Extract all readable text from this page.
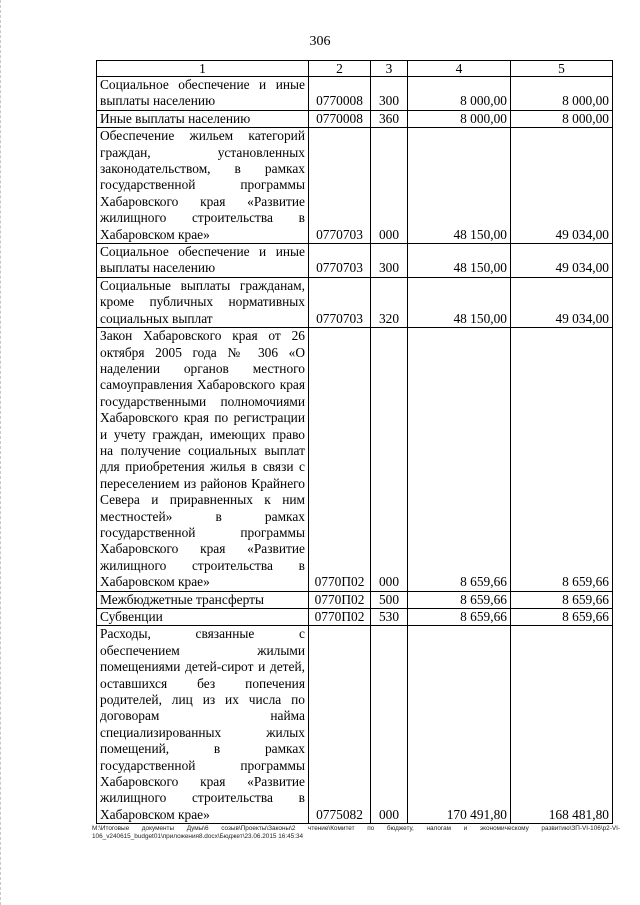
306
1	2	3	4	5
Социальное обеспечение и иные выплаты населению	0770008	300	8 000,00	8 000,00
Иные выплаты населению	0770008	360	8 000,00	8 000,00
Обеспечение жильем категорий граждан, установленных законодательством, в рамках государственной программы Хабаровского края «Развитие жилищного строительства в Хабаровском крае»	0770703	000	48 150,00	49 034,00
Социальное обеспечение и иные выплаты населению	0770703	300	48 150,00	49 034,00
Социальные выплаты гражданам, кроме публичных нормативных социальных выплат	0770703	320	48 150,00	49 034,00
Закон Хабаровского края от 26 октября 2005 года № 306 «О наделении органов местного самоуправления Хабаровского края государственными полномочиями Хабаровского края по регистрации и учету граждан, имеющих право на получение социальных выплат для приобретения жилья в связи с переселением из районов Крайнего Севера и приравненных к ним местностей» в рамках государственной программы Хабаровского края «Развитие жилищного строительства в Хабаровском крае»	0770П02	000	8 659,66	8 659,66
Межбюджетные трансферты	0770П02	500	8 659,66	8 659,66
Субвенции	0770П02	530	8 659,66	8 659,66
Расходы, связанные с обеспечением жилыми помещениями детей-сирот и детей, оставшихся без попечения родителей, лиц из их числа по договорам найма специализированных жилых помещений, в рамках государственной программы Хабаровского края «Развитие жилищного строительства в Хабаровском крае»	0775082	000	170 491,80	168 481,80
M:\Итоговые документы Думы\6 созыв\Проекты\Законы\2 чтение\Комитет по бюджету, налогам и экономическому развитию\ЗП-VI-106\p2-VI-106_v240615_budget01\приложения8.docx\Бюджет\23.06.2015 16:45:34
